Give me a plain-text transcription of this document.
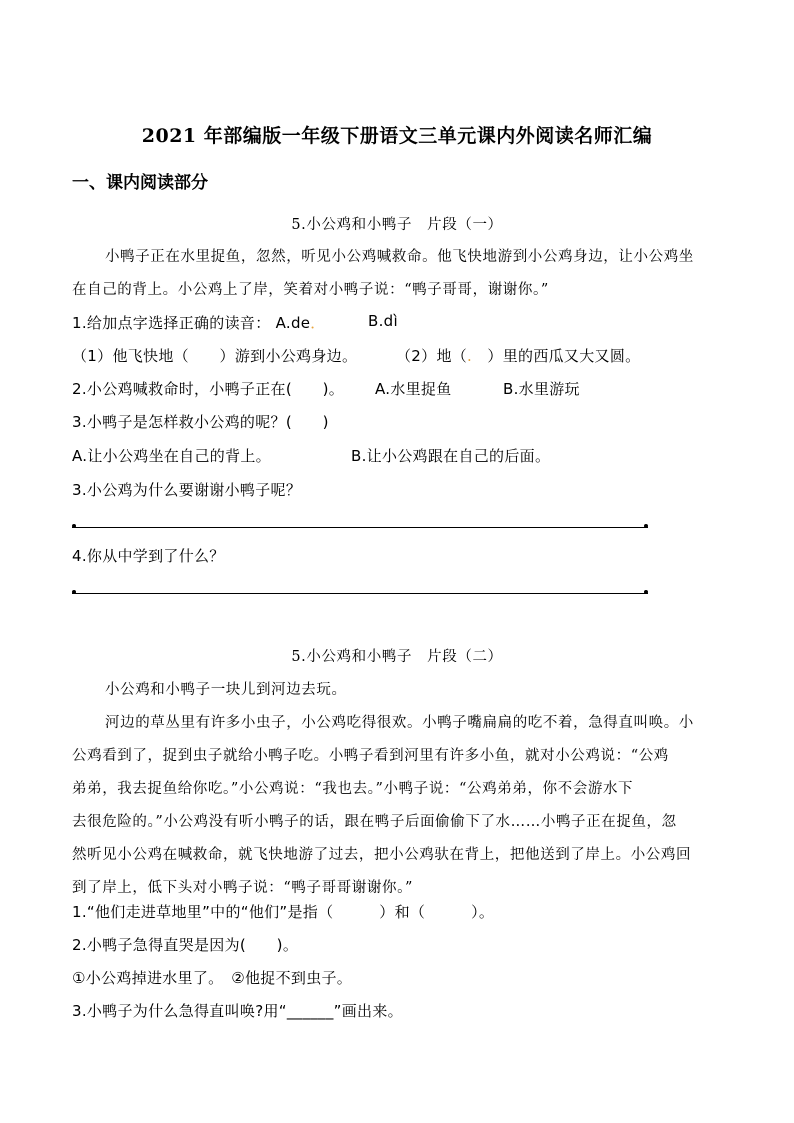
2021 年部编版一年级下册语文三单元课内外阅读名师汇编
一、课内阅读部分
5.小公鸡和小鸭子　片段（一）
小鸭子正在水里捉鱼，忽然，听见小公鸡喊救命。他飞快地游到小公鸡身边，让小公鸡坐
在自己的背上。小公鸡上了岸，笑着对小鸭子说：“鸭子哥哥，谢谢你。”
1.给加点字选择正确的读音： A.de．	B.dì
（1）他飞快地（　　）游到小公鸡身边。	（2）地（.　）里的西瓜又大又圆。
2.小公鸡喊救命时，小鸭子正在(　　)。 A.水里捉鱼	B.水里游玩
3.小鸭子是怎样救小公鸡的呢？(　　)
A.让小公鸡坐在自己的背上。	B.让小公鸡跟在自己的后面。
3.小公鸡为什么要谢谢小鸭子呢？
4.你从中学到了什么？
5.小公鸡和小鸭子　片段（二）
小公鸡和小鸭子一块儿到河边去玩。
河边的草丛里有许多小虫子，小公鸡吃得很欢。小鸭子嘴扁扁的吃不着，急得直叫唤。小
公鸡看到了，捉到虫子就给小鸭子吃。小鸭子看到河里有许多小鱼，就对小公鸡说：“公鸡
弟弟，我去捉鱼给你吃。”小公鸡说：“我也去。”小鸭子说：“公鸡弟弟，你不会游水下
去很危险的。”小公鸡没有听小鸭子的话，跟在鸭子后面偷偷下了水……小鸭子正在捉鱼，忽
然听见小公鸡在喊救命，就飞快地游了过去，把小公鸡驮在背上，把他送到了岸上。小公鸡回
到了岸上，低下头对小鸭子说：“鸭子哥哥谢谢你。”
1.“他们走进草地里”中的“他们”是指（　　　）和（　　　）。
2.小鸭子急得直哭是因为(　　)。
①小公鸡掉进水里了。　②他捉不到虫子。
3.小鸭子为什么急得直叫唤?用“______”画出来。
